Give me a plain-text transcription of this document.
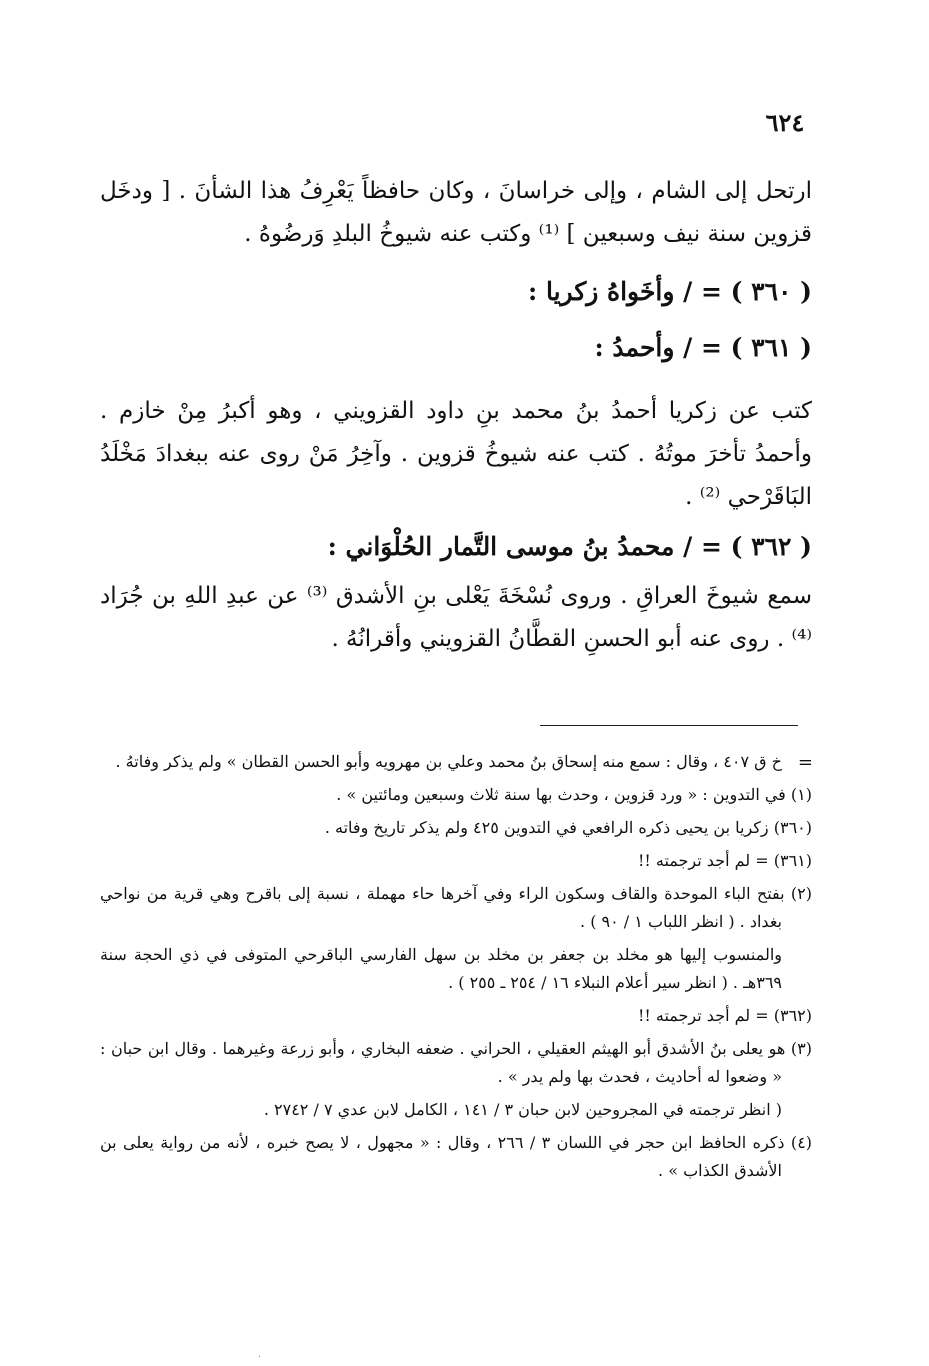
٦٢٤

ارتحل إلى الشام ، وإلى خراسانَ ، وكان حافظاً يَعْرِفُ هذا الشأنَ . [ ودخَل قزوين سنة نيف وسبعين ] ⁽¹⁾ وكتب عنه شيوخُ البلدِ وَرضُوهُ .

( ٣٦٠ ) = / وأخَواهُ زكريا :

( ٣٦١ ) = / وأحمدُ :

كتب عن زكريا أحمدُ بنُ محمد بنِ داود القزويني ، وهو أكبرُ مِنْ خازم . وأحمدُ تأخرَ موتُهُ . كتب عنه شيوخُ قزوين . وآخِرُ مَنْ روى عنه ببغدادَ مَخْلَدُ البَاقَرْحي ⁽²⁾ .

( ٣٦٢ ) = / محمدُ بنُ موسى التَّمار الحُلْوَاني :

سمع شيوخَ العراقِ . وروى نُسْخَةَ يَعْلى بنِ الأشدق ⁽³⁾ عن عبدِ اللهِ بن جُرَاد ⁽⁴⁾ . روى عنه أبو الحسنِ القطَّانُ القزويني وأقرانُهُ .

=

خ ق ٤٠٧ ، وقال : سمع منه إسحاق بنُ محمد وعلي بن مهرويه وأبو الحسن القطان » ولم يذكر وفاتهُ .

(١) في التدوين : « ورد قزوين ، وحدث بها سنة ثلاث وسبعين ومائتين » .

(٣٦٠) زكريا بن يحيى ذكره الرافعي في التدوين ٤٢٥ ولم يذكر تاريخ وفاته .

(٣٦١) = لم أجد ترجمته !!

(٢) بفتح الباء الموحدة والقاف وسكون الراء وفي آخرها حاء مهملة ، نسبة إلى باقرح وهي قرية من نواحي بغداد . ( انظر اللباب ١ / ٩٠ ) .

والمنسوب إليها هو مخلد بن جعفر بن مخلد بن سهل الفارسي الباقرحي المتوفى في ذي الحجة سنة ٣٦٩هـ . ( انظر سير أعلام النبلاء ١٦ / ٢٥٤ ـ ٢٥٥ ) .

(٣٦٢) = لم أجد ترجمته !!

(٣) هو يعلى بنُ الأشدق أبو الهيثم العقيلي ، الحراني . ضعفه البخاري ، وأبو زرعة وغيرهما . وقال ابن حبان : « وضعوا له أحاديث ، فحدث بها ولم يدر » .

( انظر ترجمته في المجروحين لابن حبان ٣ / ١٤١ ، الكامل لابن عدي ٧ / ٢٧٤٢ .

(٤) ذكره الحافظ ابن حجر في اللسان ٣ / ٢٦٦ ، وقال : « مجهول ، لا يصح خبره ، لأنه من رواية يعلى بن الأشدق الكذاب » .

·
